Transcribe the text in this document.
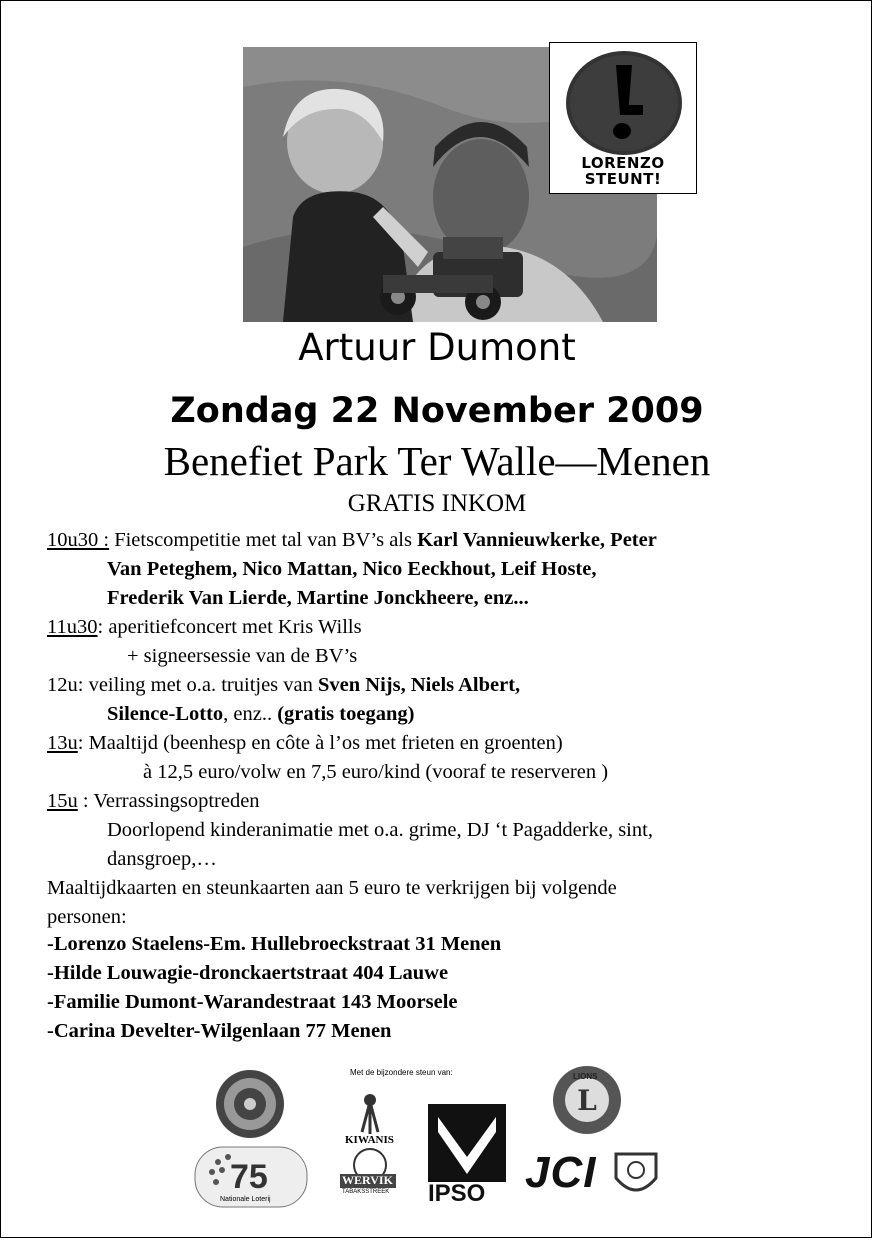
LORENZO
STEUNT!
Artuur Dumont
Zondag 22 November 2009
Benefiet Park Ter Walle—Menen
GRATIS INKOM
10u30 : Fietscompetitie met tal van BV’s als Karl Vannieuwkerke, Peter
Van Peteghem, Nico Mattan, Nico Eeckhout, Leif Hoste,
Frederik Van Lierde, Martine Jonckheere, enz...
11u30: aperitiefconcert met Kris Wills
+ signeersessie van de BV’s
12u: veiling met o.a. truitjes van Sven Nijs, Niels Albert,
Silence-Lotto, enz.. (gratis toegang)
13u: Maaltijd (beenhesp en côte à l’os met frieten en groenten)
à 12,5 euro/volw en 7,5 euro/kind (vooraf te reserveren )
15u : Verrassingsoptreden
Doorlopend kinderanimatie met o.a. grime, DJ ‘t Pagadderke, sint,
dansgroep,…
Maaltijdkaarten en steunkaarten aan 5 euro te verkrijgen bij volgende
personen:
-Lorenzo Staelens-Em. Hullebroeckstraat 31 Menen
-Hilde Louwagie-dronckaertstraat 404 Lauwe
-Familie Dumont-Warandestraat 143 Moorsele
-Carina Develter-Wilgenlaan 77 Menen
L
Met de bijzondere steun van:
75
Nationale Loterij
KIWANIS
WERVIK
TABAKSSTREEK IPSO
LIONS
JCI
